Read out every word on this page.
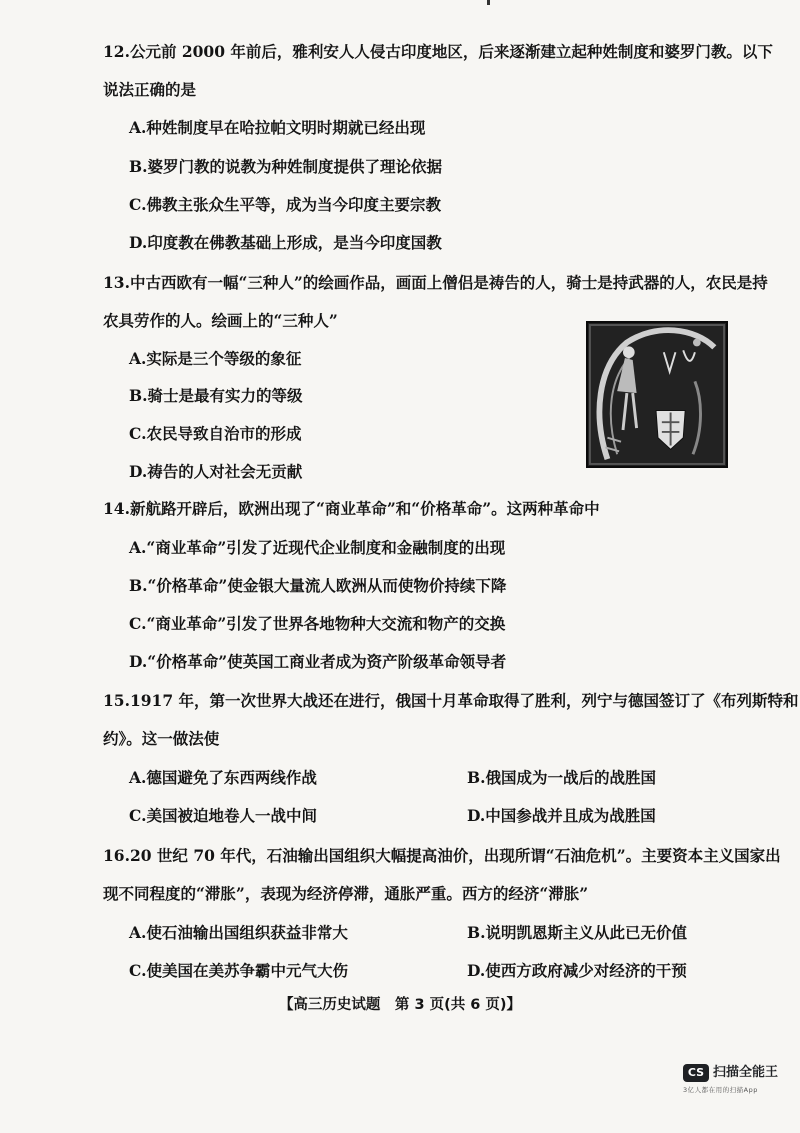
12.公元前 2000 年前后，雅利安人人侵古印度地区，后来逐渐建立起种姓制度和婆罗门教。以下
说法正确的是
A.种姓制度早在哈拉帕文明时期就已经出现
B.婆罗门教的说教为种姓制度提供了理论依据
C.佛教主张众生平等，成为当今印度主要宗教
D.印度教在佛教基础上形成，是当今印度国教
13.中古西欧有一幅“三种人”的绘画作品，画面上僧侣是祷告的人，骑士是持武器的人，农民是持
农具劳作的人。绘画上的“三种人”
A.实际是三个等级的象征
B.骑士是最有实力的等级
C.农民导致自治市的形成
D.祷告的人对社会无贡献
14.新航路开辟后，欧洲出现了“商业革命”和“价格革命”。这两种革命中
A.“商业革命”引发了近现代企业制度和金融制度的出现
B.“价格革命”使金银大量流人欧洲从而使物价持续下降
C.“商业革命”引发了世界各地物种大交流和物产的交换
D.“价格革命”使英国工商业者成为资产阶级革命领导者
15.1917 年，第一次世界大战还在进行，俄国十月革命取得了胜利，列宁与德国签订了《布列斯特和
约》。这一做法使
A.德国避免了东西两线作战	B.俄国成为一战后的战胜国
C.美国被迫地卷人一战中间	D.中国参战并且成为战胜国
16.20 世纪 70 年代，石油输出国组织大幅提高油价，出现所谓“石油危机”。主要资本主义国家出
现不同程度的“滞胀”，表现为经济停滞，通胀严重。西方的经济“滞胀”
A.使石油输出国组织获益非常大	B.说明凯恩斯主义从此已无价值
C.使美国在美苏争霸中元气大伤	D.使西方政府减少对经济的干预
【高三历史试题　第 3 页(共 6 页)】
CS 扫描全能王
3亿人都在用的扫描App
